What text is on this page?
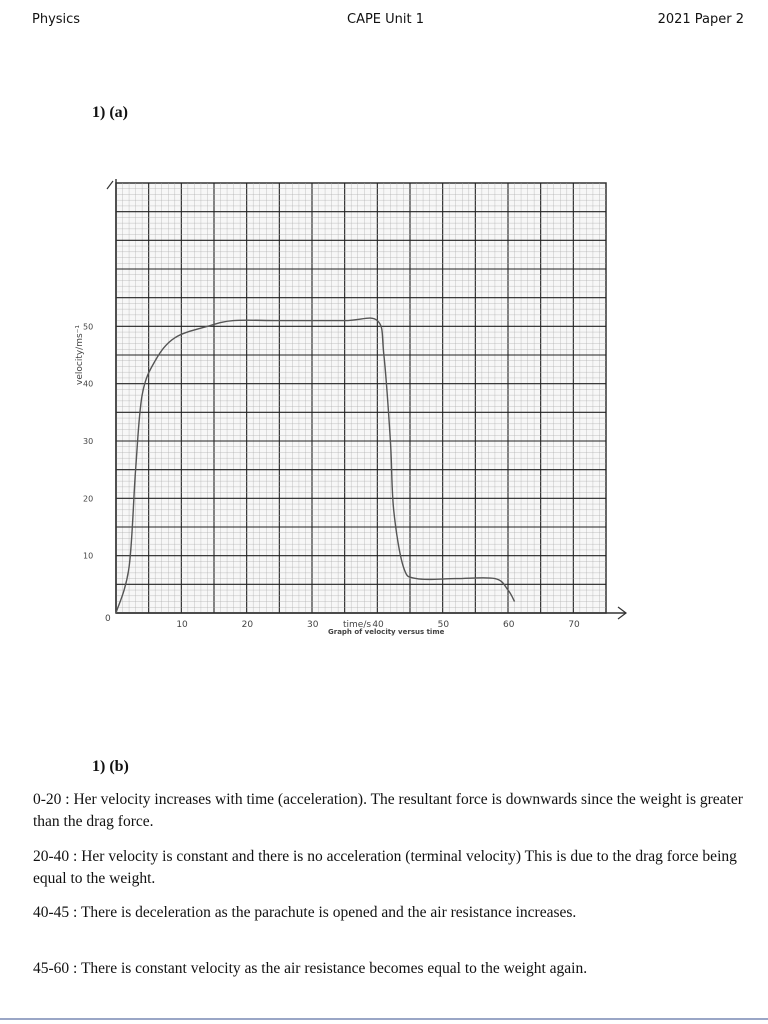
Physics	CAPE Unit 1	2021 Paper 2
1) (a)
10	20	30	40	50	60	70
10
20
30
40
50
0
velocity/ms⁻¹
time/s
Graph of velocity versus time
1) (b)
0-20 : Her velocity increases with time (acceleration). The resultant force is downwards since the weight is greater than the drag force.
20-40 : Her velocity is constant and there is no acceleration (terminal velocity) This is due to the drag force being equal to the weight.
40-45 : There is deceleration as the parachute is opened and the air resistance increases.
45-60 : There is constant velocity as the air resistance becomes equal to the weight again.
